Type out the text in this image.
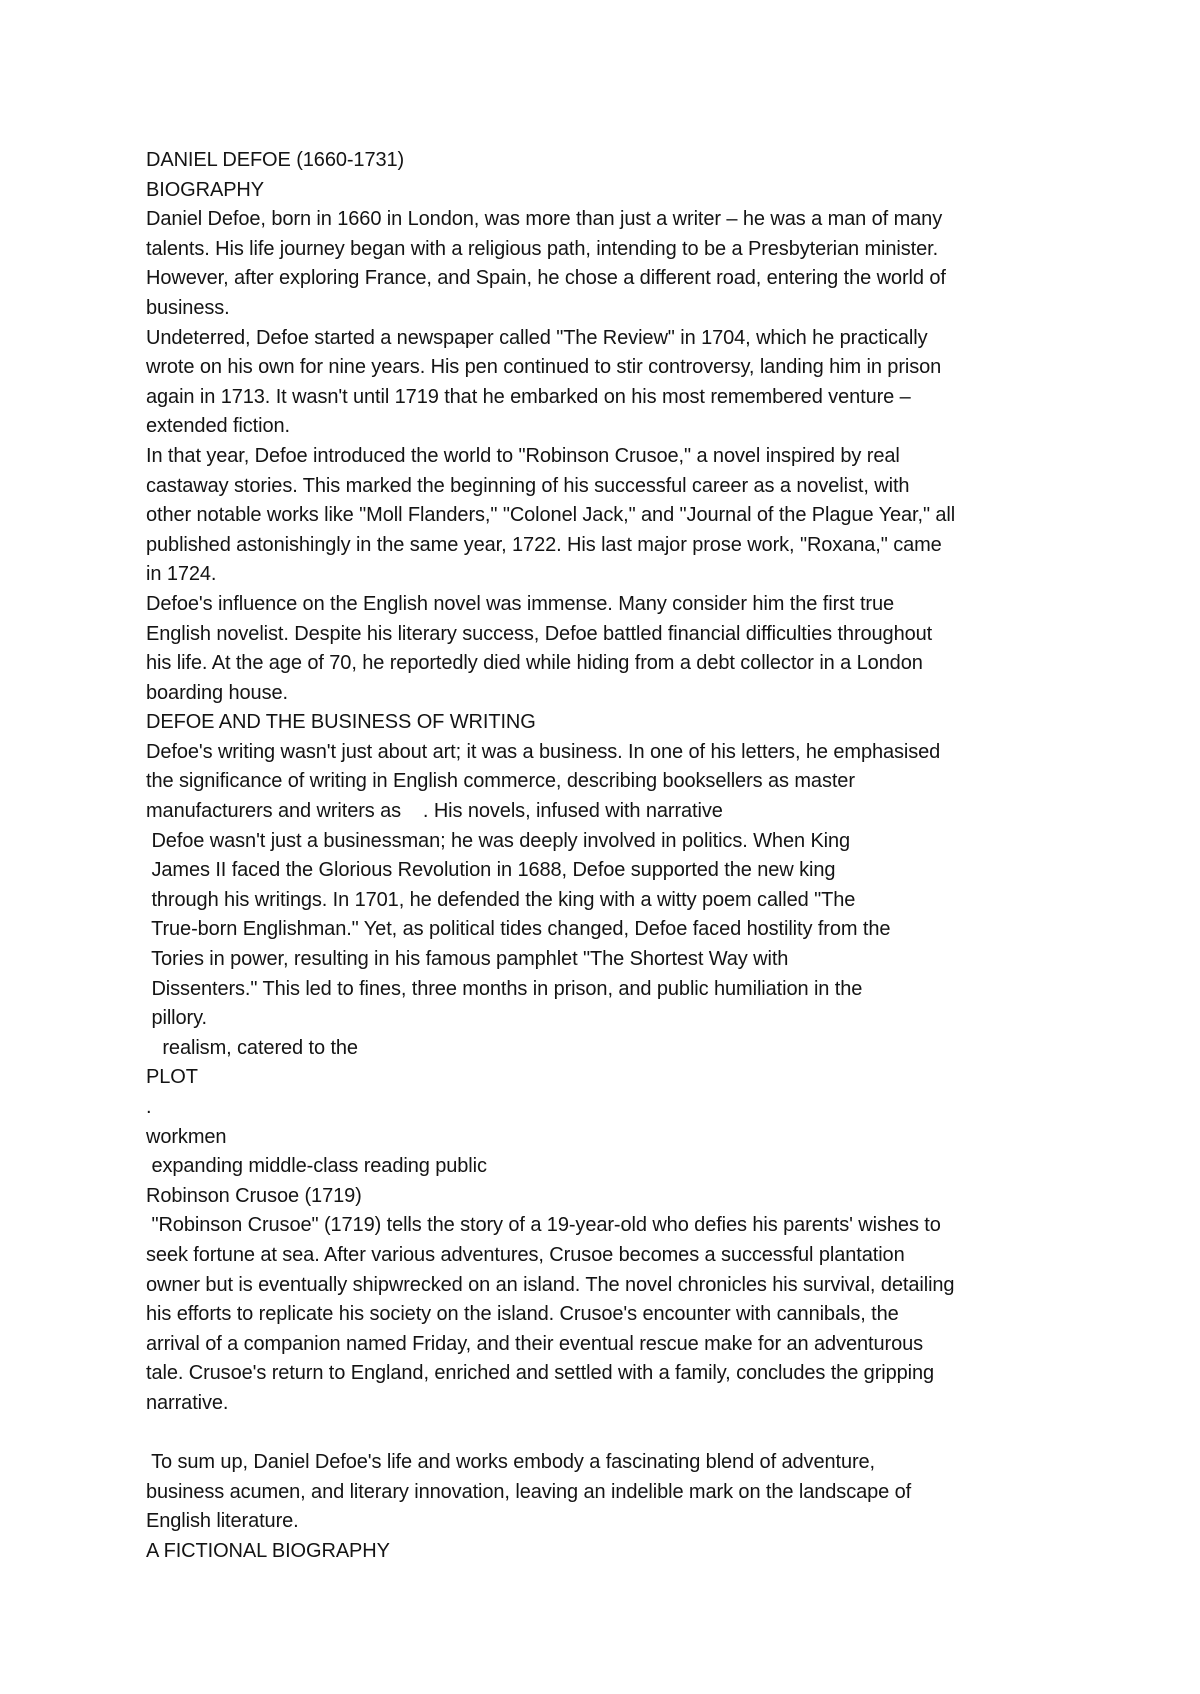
DANIEL DEFOE (1660-1731)
BIOGRAPHY
Daniel Defoe, born in 1660 in London, was more than just a writer – he was a man of many
talents. His life journey began with a religious path, intending to be a Presbyterian minister.
However, after exploring France, and Spain, he chose a different road, entering the world of
business.
Undeterred, Defoe started a newspaper called "The Review" in 1704, which he practically
wrote on his own for nine years. His pen continued to stir controversy, landing him in prison
again in 1713. It wasn't until 1719 that he embarked on his most remembered venture –
extended fiction.
In that year, Defoe introduced the world to "Robinson Crusoe," a novel inspired by real
castaway stories. This marked the beginning of his successful career as a novelist, with
other notable works like "Moll Flanders," "Colonel Jack," and "Journal of the Plague Year," all
published astonishingly in the same year, 1722. His last major prose work, "Roxana," came
in 1724.
Defoe's influence on the English novel was immense. Many consider him the first true
English novelist. Despite his literary success, Defoe battled financial difficulties throughout
his life. At the age of 70, he reportedly died while hiding from a debt collector in a London
boarding house.
DEFOE AND THE BUSINESS OF WRITING
Defoe's writing wasn't just about art; it was a business. In one of his letters, he emphasised
the significance of writing in English commerce, describing booksellers as master
manufacturers and writers as    . His novels, infused with narrative
Defoe wasn't just a businessman; he was deeply involved in politics. When King
James II faced the Glorious Revolution in 1688, Defoe supported the new king
through his writings. In 1701, he defended the king with a witty poem called "The
True-born Englishman." Yet, as political tides changed, Defoe faced hostility from the
Tories in power, resulting in his famous pamphlet "The Shortest Way with
Dissenters." This led to fines, three months in prison, and public humiliation in the
pillory.
realism, catered to the
PLOT
.
workmen
expanding middle-class reading public
Robinson Crusoe (1719)
"Robinson Crusoe" (1719) tells the story of a 19-year-old who defies his parents' wishes to
seek fortune at sea. After various adventures, Crusoe becomes a successful plantation
owner but is eventually shipwrecked on an island. The novel chronicles his survival, detailing
his efforts to replicate his society on the island. Crusoe's encounter with cannibals, the
arrival of a companion named Friday, and their eventual rescue make for an adventurous
tale. Crusoe's return to England, enriched and settled with a family, concludes the gripping
narrative.
To sum up, Daniel Defoe's life and works embody a fascinating blend of adventure,
business acumen, and literary innovation, leaving an indelible mark on the landscape of
English literature.
A FICTIONAL BIOGRAPHY
